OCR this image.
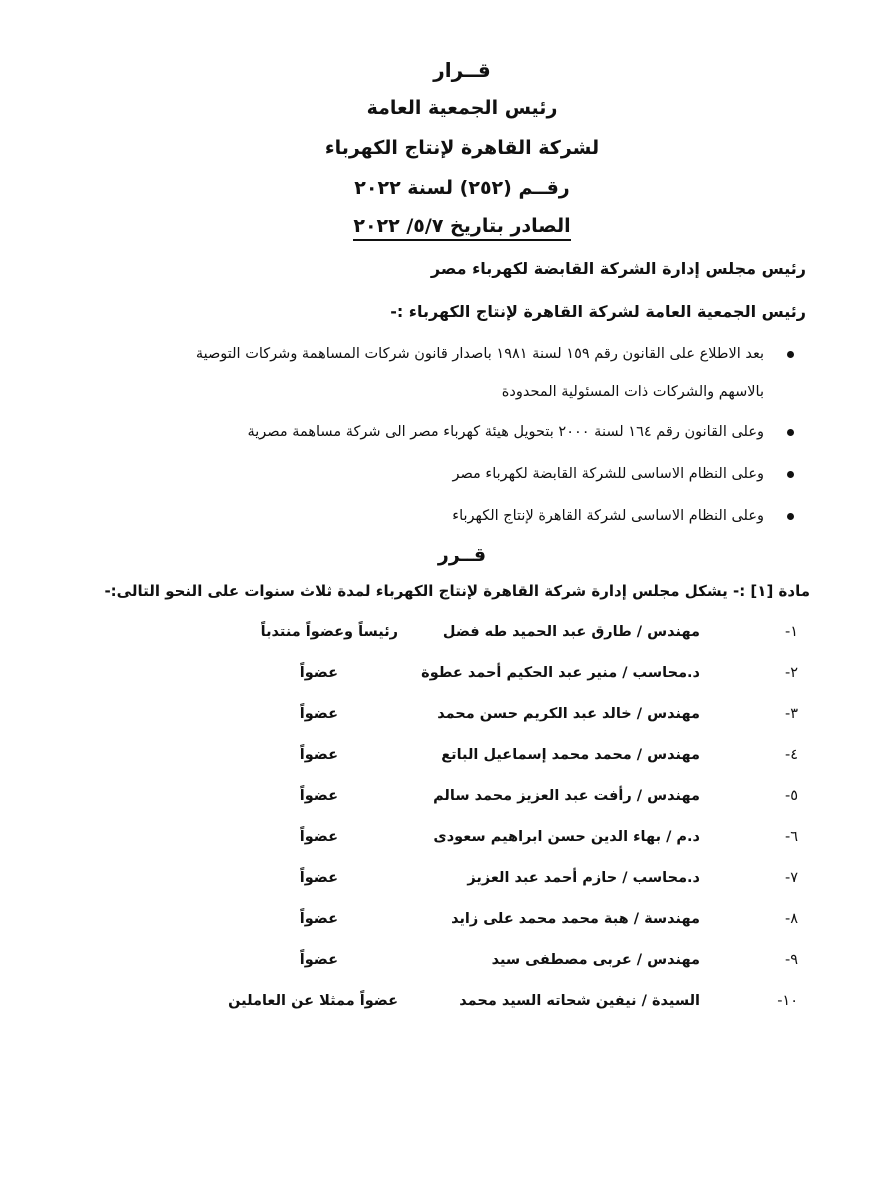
قــرار
رئيس الجمعية العامة
لشركة القاهرة لإنتاج الكهرباء
رقــم (٢٥٢) لسنة ٢٠٢٢
الصادر بتاريخ ٥/٧/ ٢٠٢٢
رئيس مجلس إدارة الشركة القابضة لكهرباء مصر
رئيس الجمعية العامة لشركة القاهرة لإنتاج الكهرباء :-
بعد الاطلاع على القانون رقم ١٥٩ لسنة ١٩٨١ باصدار قانون شركات المساهمة وشركات التوصية
بالاسهم والشركات ذات المسئولية المحدودة
وعلى القانون رقم ١٦٤ لسنة ٢٠٠٠ بتحويل هيئة كهرباء مصر الى شركة مساهمة مصرية
وعلى النظام الاساسى للشركة القابضة لكهرباء مصر
وعلى النظام الاساسى لشركة القاهرة لإنتاج الكهرباء
قــرر
مادة [١] :- يشكل مجلس إدارة شركة القاهرة لإنتاج الكهرباء لمدة ثلاث سنوات على النحو التالى:-
١-
مهندس / طارق عبد الحميد طه فضل
رئيساً وعضواً منتدباً
٢-
د.محاسب / منير عبد الحكيم أحمد عطوة
عضواً
٣-
مهندس / خالد عبد الكريم حسن محمد
عضواً
٤-
مهندس / محمد محمد إسماعيل الباتع
عضواً
٥-
مهندس / رأفت عبد العزيز محمد سالم
عضواً
٦-
د.م / بهاء الدين حسن ابراهيم سعودى
عضواً
٧-
د.محاسب / حازم أحمد عبد العزيز
عضواً
٨-
مهندسة / هبة محمد محمد على زايد
عضواً
٩-
مهندس / عربى مصطفى سيد
عضواً
١٠-
السيدة / نيفين شحاته السيد محمد
عضواً ممثلا عن العاملين
